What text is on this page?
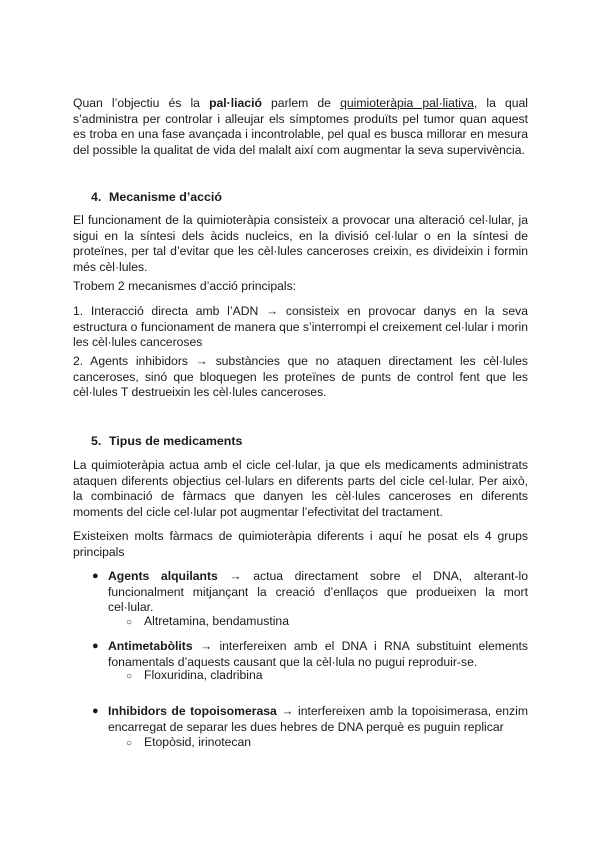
Quan l’objectiu és la pal·liació parlem de quimioteràpia pal·liativa, la qual s’administra per controlar i alleujar els símptomes produïts pel tumor quan aquest es troba en una fase avançada i incontrolable, pel qual es busca millorar en mesura del possible la qualitat de vida del malalt així com augmentar la seva supervivència.

4. Mecanisme d’acció

El funcionament de la quimioteràpia consisteix a provocar una alteració cel·lular, ja sigui en la síntesi dels àcids nucleics, en la divisió cel·lular o en la síntesi de proteïnes, per tal d’evitar que les cèl·lules canceroses creixin, es divideixin i formin més cèl·lules.

Trobem 2 mecanismes d’acció principals:

1. Interacció directa amb l’ADN → consisteix en provocar danys en la seva estructura o funcionament de manera que s’interrompi el creixement cel·lular i morin les cèl·lules canceroses

2. Agents inhibidors → substàncies que no ataquen directament les cèl·lules canceroses, sinó que bloquegen les proteïnes de punts de control fent que les cèl·lules T destrueixin les cèl·lules canceroses.

5. Tipus de medicaments

La quimioteràpia actua amb el cicle cel·lular, ja que els medicaments administrats ataquen diferents objectius cel·lulars en diferents parts del cicle cel·lular. Per això, la combinació de fàrmacs que danyen les cèl·lules canceroses en diferents moments del cicle cel·lular pot augmentar l’efectivitat del tractament.

Existeixen molts fàrmacs de quimioteràpia diferents i aquí he posat els 4 grups principals

● Agents alquilants → actua directament sobre el DNA, alterant-lo funcionalment mitjançant la creació d’enllaços que produeixen la mort cel·lular.
○ Altretamina, bendamustina
● Antimetabòlits → interfereixen amb el DNA i RNA substituint elements fonamentals d’aquests causant que la cèl·lula no pugui reproduir-se.
○ Floxuridina, cladribina
● Inhibidors de topoisomerasa → interfereixen amb la topoisimerasa, enzim encarregat de separar les dues hebres de DNA perquè es puguin replicar
○ Etopòsid, irinotecan
